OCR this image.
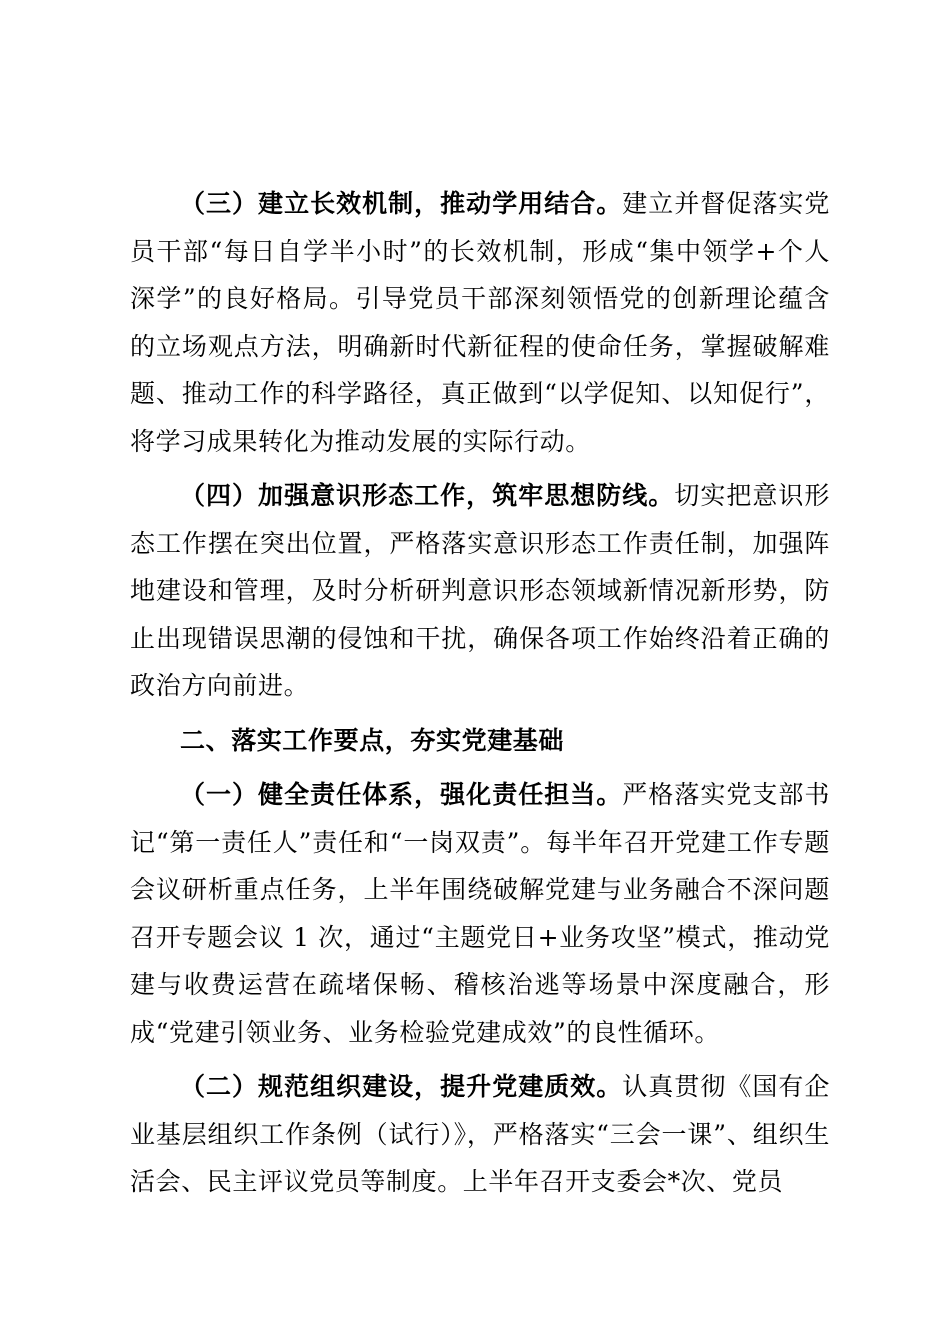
（三）建立长效机制，推动学用结合。建立并督促落实党员干部“每日自学半小时”的长效机制，形成“集中领学+个人深学”的良好格局。引导党员干部深刻领悟党的创新理论蕴含的立场观点方法，明确新时代新征程的使命任务，掌握破解难题、推动工作的科学路径，真正做到“以学促知、以知促行”，将学习成果转化为推动发展的实际行动。

（四）加强意识形态工作，筑牢思想防线。切实把意识形态工作摆在突出位置，严格落实意识形态工作责任制，加强阵地建设和管理，及时分析研判意识形态领域新情况新形势，防止出现错误思潮的侵蚀和干扰，确保各项工作始终沿着正确的政治方向前进。

二、落实工作要点，夯实党建基础

（一）健全责任体系，强化责任担当。严格落实党支部书记“第一责任人”责任和“一岗双责”。每半年召开党建工作专题会议研析重点任务，上半年围绕破解党建与业务融合不深问题召开专题会议 1 次，通过“主题党日+业务攻坚”模式，推动党建与收费运营在疏堵保畅、稽核治逃等场景中深度融合，形成“党建引领业务、业务检验党建成效”的良性循环。

（二）规范组织建设，提升党建质效。认真贯彻《国有企业基层组织工作条例（试行）》，严格落实“三会一课”、组织生活会、民主评议党员等制度。上半年召开支委会*次、党员
